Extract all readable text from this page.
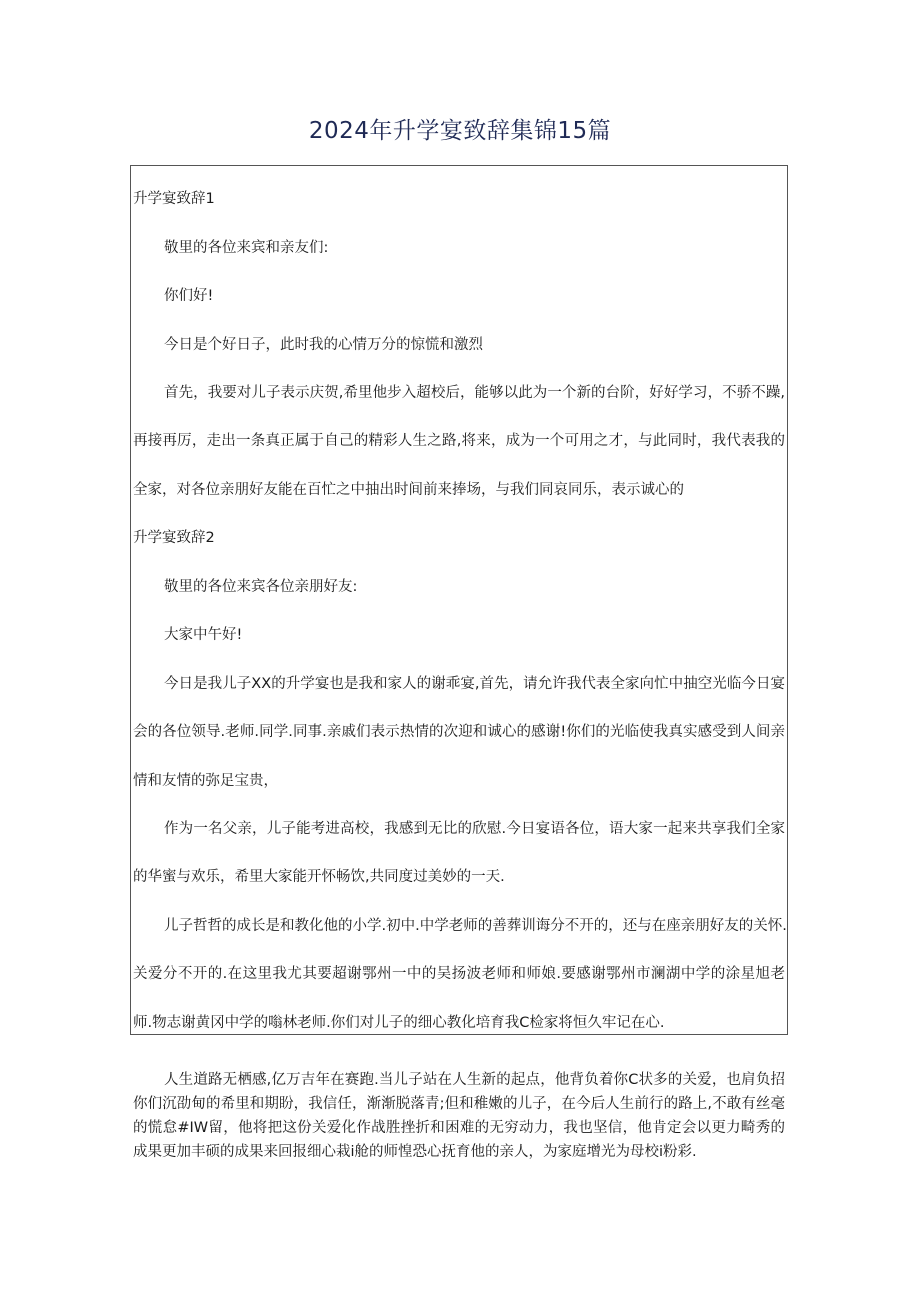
2024年升学宴致辞集锦15篇
升学宴致辞1
敬里的各位来宾和亲友们:
你们好!
今日是个好日子，此时我的心情万分的惊慌和激烈
首先，我要对儿子表示庆贺,希里他步入超校后，能够以此为一个新的台阶，好好学习，不骄不躁,
再接再厉，走出一条真正属于自己的精彩人生之路,将来，成为一个可用之才，与此同时，我代表我的
全家，对各位亲朋好友能在百忙之中抽出时间前来捧场，与我们同哀同乐，表示诚心的
升学宴致辞2
敬里的各位来宾各位亲朋好友:
大家中午好!
今日是我儿子XX的升学宴也是我和家人的谢乖宴,首先，请允许我代表全家向忙中抽空光临今日宴
会的各位领导.老师.同学.同事.亲戚们表示热情的次迎和诚心的感谢!你们的光临使我真实感受到人间亲
情和友情的弥足宝贵，
作为一名父亲，儿子能考进高校，我感到无比的欣慰.今日宴语各位，语大家一起来共享我们全家
的华蜜与欢乐，希里大家能开怀畅饮,共同度过美妙的一天.
儿子哲哲的成长是和教化他的小学.初中.中学老师的善葬训诲分不开的，还与在座亲朋好友的关怀.
关爱分不开的.在这里我尤其要超谢鄂州一中的吴扬波老师和师娘.要感谢鄂州市澜湖中学的涂星旭老
师.物志谢黄冈中学的嗡林老师.你们对儿子的细心教化培育我C检家将恒久牢记在心.

人生道路无栖感,亿万吉年在赛跑.当儿子站在人生新的起点，他背负着你C状多的关爱，也肩负招你们沉劭甸的希里和期盼，我信任，渐渐脱落青;但和稚嫩的儿子，在今后人生前行的路上,不敢有丝毫的慌怠#IW留，他将把这份关爱化作战胜挫折和困难的无穷动力，我也坚信，他肯定会以更力畸秀的成果更加丰硕的成果来回报细心栽i舱的师惶恐心抚育他的亲人，为家庭增光为母校i粉彩.
